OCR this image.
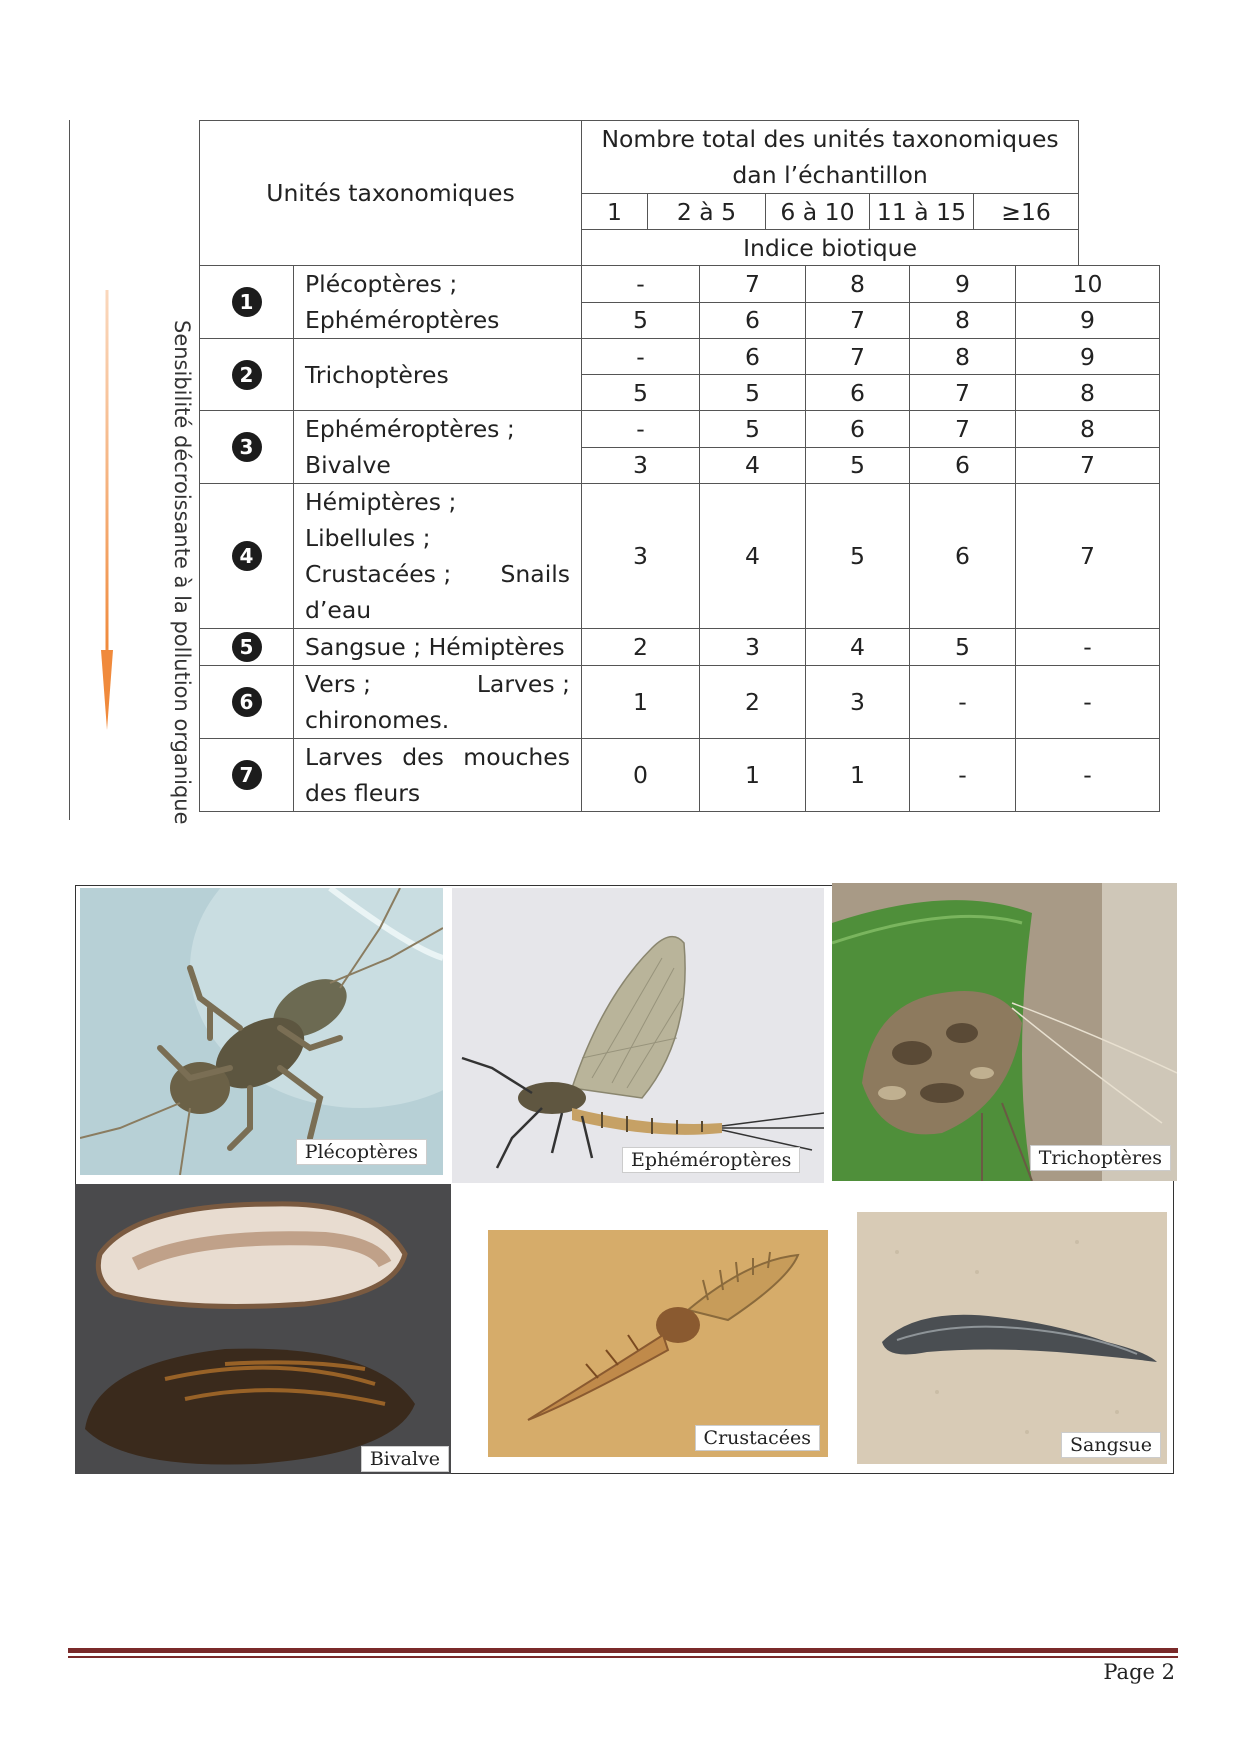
Sensibilité décroissante à la pollution organique
Unités taxonomiques		Nombre total des unités taxonomiques dan l’échantillon								
		1	2 à 5		6 à 10		11 à 15		≥16	
		Indice biotique								
1	Plécoptères ;
Ephéméroptères	-		7		8		9		10
		5		6		7		8		9
2	Trichoptères	-		6		7		8		9
		5		5		6		7		8
3	Ephéméroptères ;
Bivalve	-		5		6		7		8
		3		4		5		6		7
4	Hémiptères ;
Libellules ;
Crustacées ; Snails
d’eau	3		4		5		6		7
5	Sangsue ; Hémiptères	2		3		4		5		-
6	Vers ; Larves ;
chironomes.	1		2		3		-		-
7	Larves des mouches des fleurs	0		1		1		-		-
Plécoptères	Ephéméroptères	Trichoptères
Bivalve
Crustacées	Sangsue
Page 2
